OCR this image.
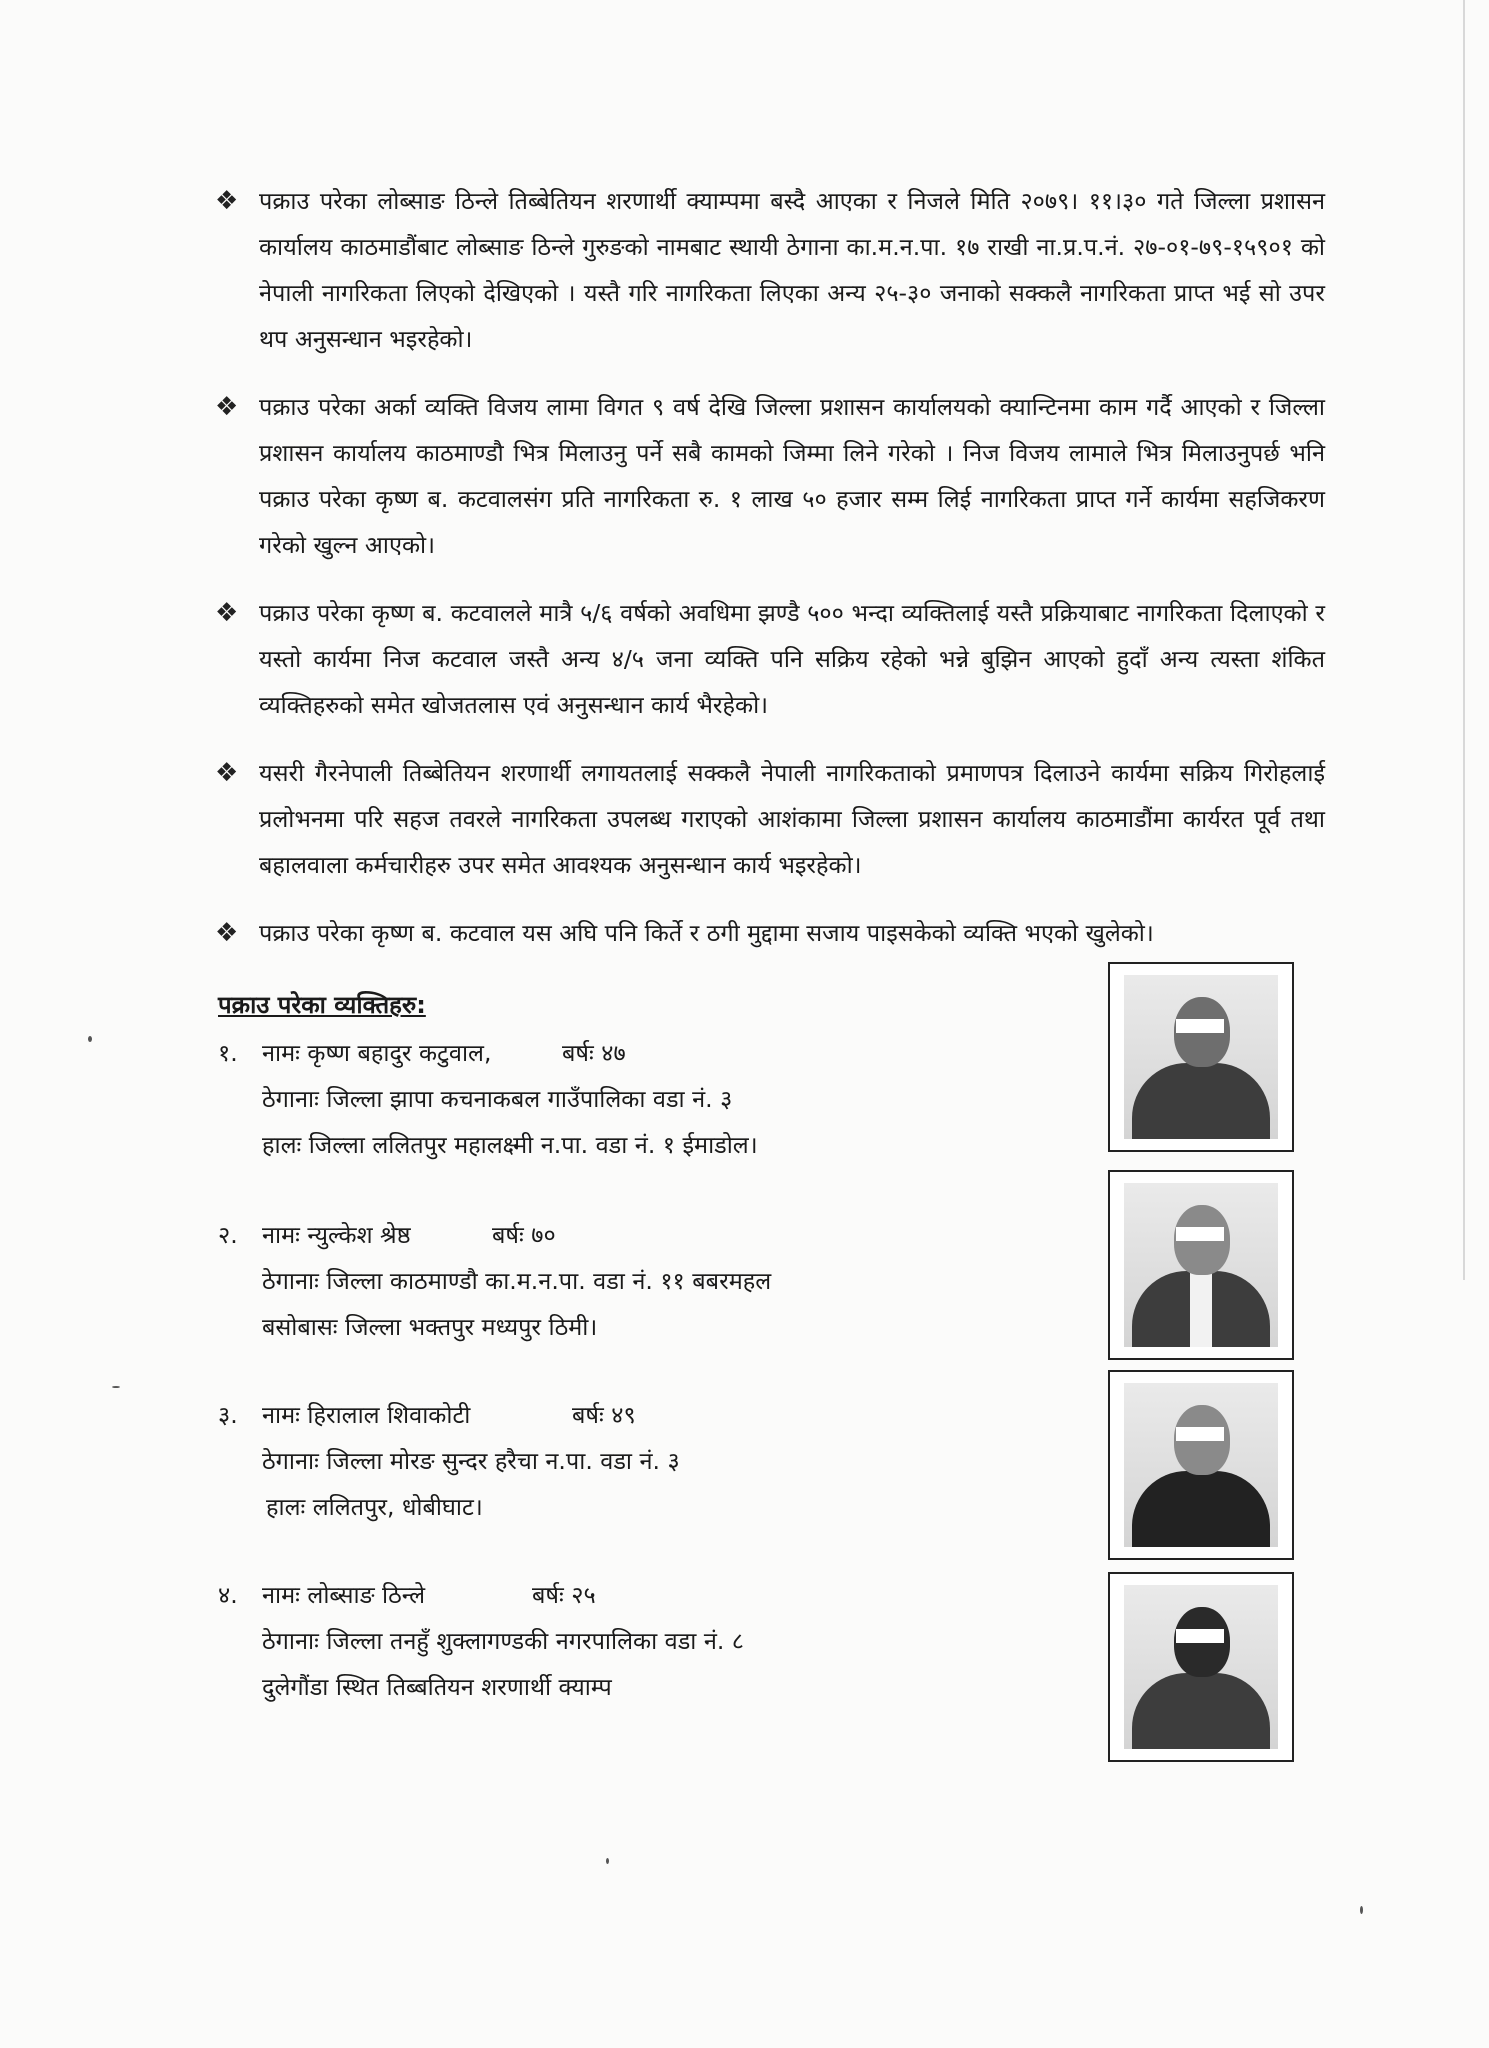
❖ पक्राउ परेका लोब्साङ ठिन्ले तिब्बेतियन शरणार्थी क्याम्पमा बस्दै आएका र निजले मिति २०७९। ११।३० गते जिल्ला प्रशासन कार्यालय काठमाडौंबाट लोब्साङ ठिन्ले गुरुङको नामबाट स्थायी ठेगाना का.म.न.पा. १७ राखी ना.प्र.प.नं. २७-०१-७९-१५९०१ को नेपाली नागरिकता लिएको देखिएको । यस्तै गरि नागरिकता लिएका अन्य २५-३० जनाको सक्कलै नागरिकता प्राप्त भई सो उपर थप अनुसन्धान भइरहेको।
❖ पक्राउ परेका अर्का व्यक्ति विजय लामा विगत ९ वर्ष देखि जिल्ला प्रशासन कार्यालयको क्यान्टिनमा काम गर्दै आएको र जिल्ला प्रशासन कार्यालय काठमाण्डौ भित्र मिलाउनु पर्ने सबै कामको जिम्मा लिने गरेको । निज विजय लामाले भित्र मिलाउनुपर्छ भनि पक्राउ परेका कृष्ण ब. कटवालसंग प्रति नागरिकता रु. १ लाख ५० हजार सम्म लिई नागरिकता प्राप्त गर्ने कार्यमा सहजिकरण गरेको खुल्न आएको।
❖ पक्राउ परेका कृष्ण ब. कटवालले मात्रै ५/६ वर्षको अवधिमा झण्डै ५०० भन्दा व्यक्तिलाई यस्तै प्रक्रियाबाट नागरिकता दिलाएको र यस्तो कार्यमा निज कटवाल जस्तै अन्य ४/५ जना व्यक्ति पनि सक्रिय रहेको भन्ने बुझिन आएको हुदाँ अन्य त्यस्ता शंकित व्यक्तिहरुको समेत खोजतलास एवं अनुसन्धान कार्य भैरहेको।
❖ यसरी गैरनेपाली तिब्बेतियन शरणार्थी लगायतलाई सक्कलै नेपाली नागरिकताको प्रमाणपत्र दिलाउने कार्यमा सक्रिय गिरोहलाई प्रलोभनमा परि सहज तवरले नागरिकता उपलब्ध गराएको आशंकामा जिल्ला प्रशासन कार्यालय काठमाडौंमा कार्यरत पूर्व तथा बहालवाला कर्मचारीहरु उपर समेत आवश्यक अनुसन्धान कार्य भइरहेको।
❖ पक्राउ परेका कृष्ण ब. कटवाल यस अघि पनि किर्ते र ठगी मुद्दामा सजाय पाइसकेको व्यक्ति भएको खुलेको।
पक्राउ परेका व्यक्तिहरु:
१.	नामः कृष्ण बहादुर कटुवाल,	बर्षः ४७
ठेगानाः जिल्ला झापा कचनाकबल गाउँपालिका वडा नं. ३
हालः जिल्ला ललितपुर महालक्ष्मी न.पा. वडा नं. १ ईमाडोल।
२.	नामः न्युल्केश श्रेष्ठ	बर्षः ७०
ठेगानाः जिल्ला काठमाण्डौ का.म.न.पा. वडा नं. ११ बबरमहल
बसोबासः जिल्ला भक्तपुर मध्यपुर ठिमी।
३.	नामः हिरालाल शिवाकोटी	बर्षः ४९
ठेगानाः जिल्ला मोरङ सुन्दर हरैचा न.पा. वडा नं. ३
हालः ललितपुर, धोबीघाट।
४.	नामः लोब्साङ ठिन्ले	बर्षः २५
ठेगानाः जिल्ला तनहुँ शुक्लागण्डकी नगरपालिका वडा नं. ८
दुलेगौंडा स्थित तिब्बतियन शरणार्थी क्याम्प
